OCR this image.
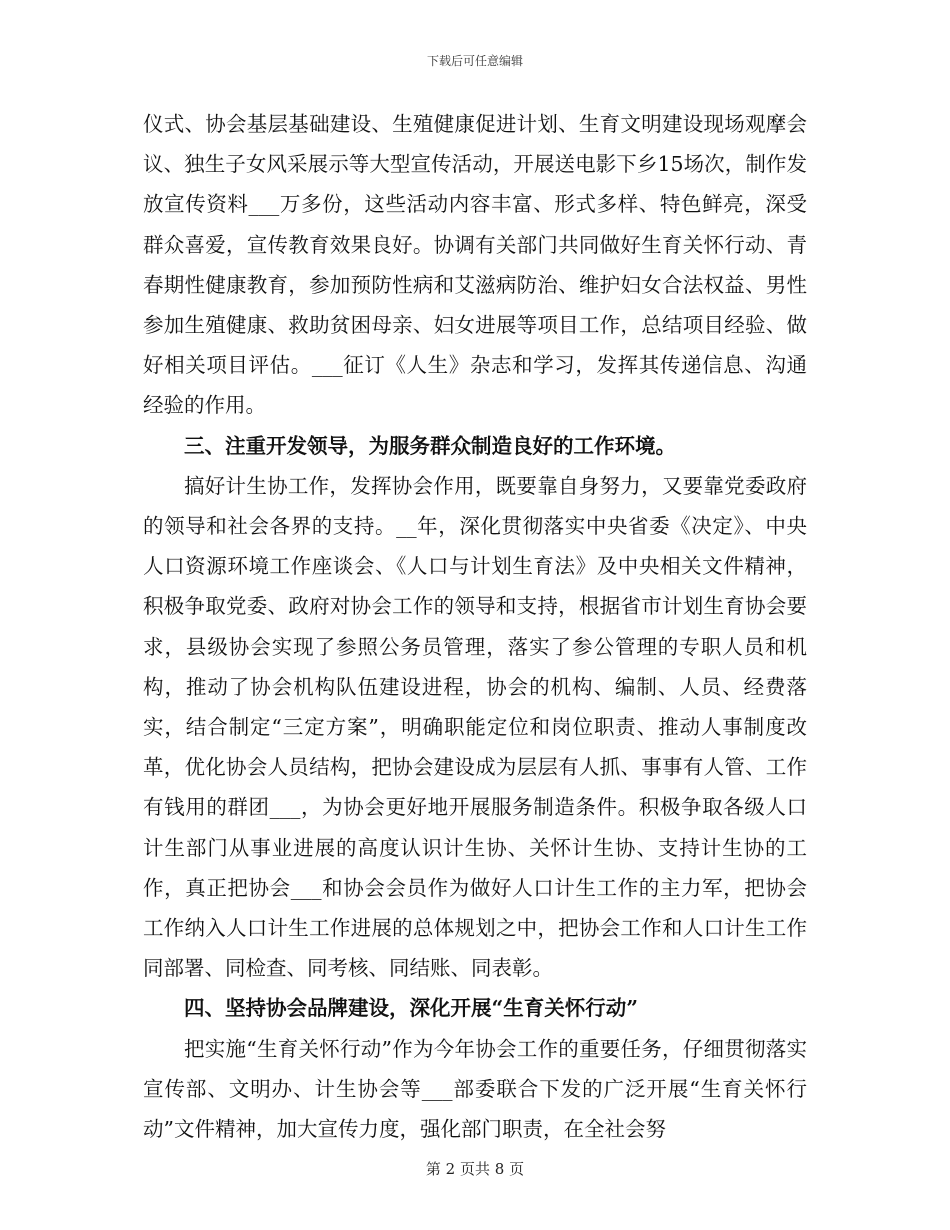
下载后可任意编辑

仪式、协会基层基础建设、生殖健康促进计划、生育文明建设现场观摩会议、独生子女风采展示等大型宣传活动，开展送电影下乡15场次，制作发放宣传资料___万多份，这些活动内容丰富、形式多样、特色鲜亮，深受群众喜爱，宣传教育效果良好。协调有关部门共同做好生育关怀行动、青春期性健康教育，参加预防性病和艾滋病防治、维护妇女合法权益、男性参加生殖健康、救助贫困母亲、妇女进展等项目工作，总结项目经验、做好相关项目评估。___征订《人生》杂志和学习，发挥其传递信息、沟通经验的作用。

三、注重开发领导，为服务群众制造良好的工作环境。

搞好计生协工作，发挥协会作用，既要靠自身努力，又要靠党委政府的领导和社会各界的支持。__年，深化贯彻落实中央省委《决定》、中央人口资源环境工作座谈会、《人口与计划生育法》及中央相关文件精神，积极争取党委、政府对协会工作的领导和支持，根据省市计划生育协会要求，县级协会实现了参照公务员管理，落实了参公管理的专职人员和机构，推动了协会机构队伍建设进程，协会的机构、编制、人员、经费落实，结合制定“三定方案”，明确职能定位和岗位职责、推动人事制度改革，优化协会人员结构，把协会建设成为层层有人抓、事事有人管、工作有钱用的群团___，为协会更好地开展服务制造条件。积极争取各级人口计生部门从事业进展的高度认识计生协、关怀计生协、支持计生协的工作，真正把协会___和协会会员作为做好人口计生工作的主力军，把协会工作纳入人口计生工作进展的总体规划之中，把协会工作和人口计生工作同部署、同检查、同考核、同结账、同表彰。

四、坚持协会品牌建设，深化开展“生育关怀行动”

把实施“生育关怀行动”作为今年协会工作的重要任务，仔细贯彻落实宣传部、文明办、计生协会等___部委联合下发的广泛开展“生育关怀行动”文件精神，加大宣传力度，强化部门职责，在全社会努

第 2 页共 8 页
